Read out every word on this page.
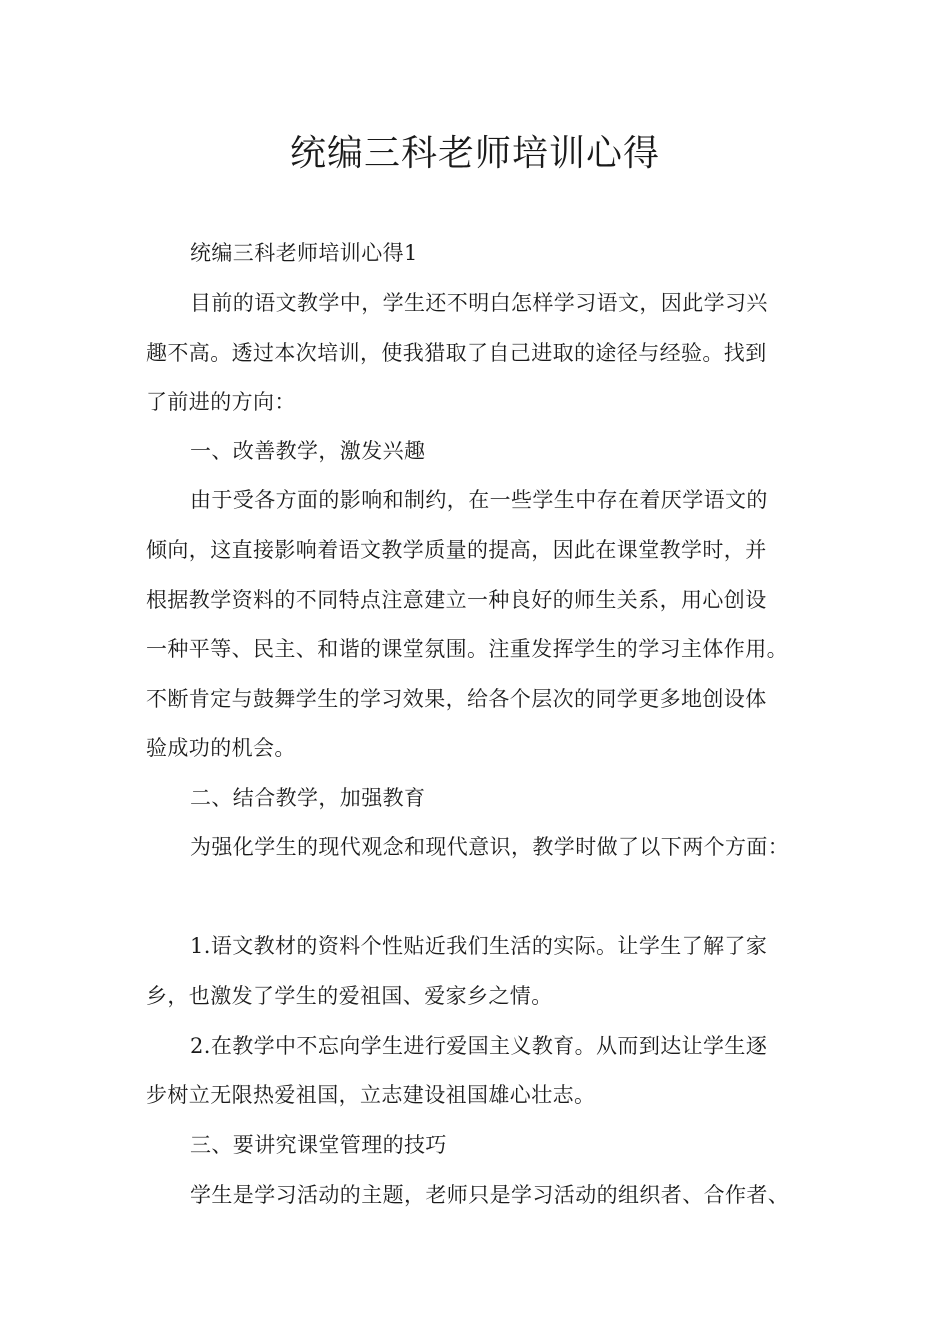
统编三科老师培训心得
统编三科老师培训心得1
目前的语文教学中，学生还不明白怎样学习语文，因此学习兴
趣不高。透过本次培训，使我猎取了自己进取的途径与经验。找到
了前进的方向：
一、改善教学，激发兴趣
由于受各方面的影响和制约，在一些学生中存在着厌学语文的
倾向，这直接影响着语文教学质量的提高，因此在课堂教学时，并
根据教学资料的不同特点注意建立一种良好的师生关系，用心创设
一种平等、民主、和谐的课堂氛围。注重发挥学生的学习主体作用。
不断肯定与鼓舞学生的学习效果，给各个层次的同学更多地创设体
验成功的机会。
二、结合教学，加强教育
为强化学生的现代观念和现代意识，教学时做了以下两个方面：
1.语文教材的资料个性贴近我们生活的实际。让学生了解了家
乡，也激发了学生的爱祖国、爱家乡之情。
2.在教学中不忘向学生进行爱国主义教育。从而到达让学生逐
步树立无限热爱祖国，立志建设祖国雄心壮志。
三、要讲究课堂管理的技巧
学生是学习活动的主题，老师只是学习活动的组织者、合作者、
